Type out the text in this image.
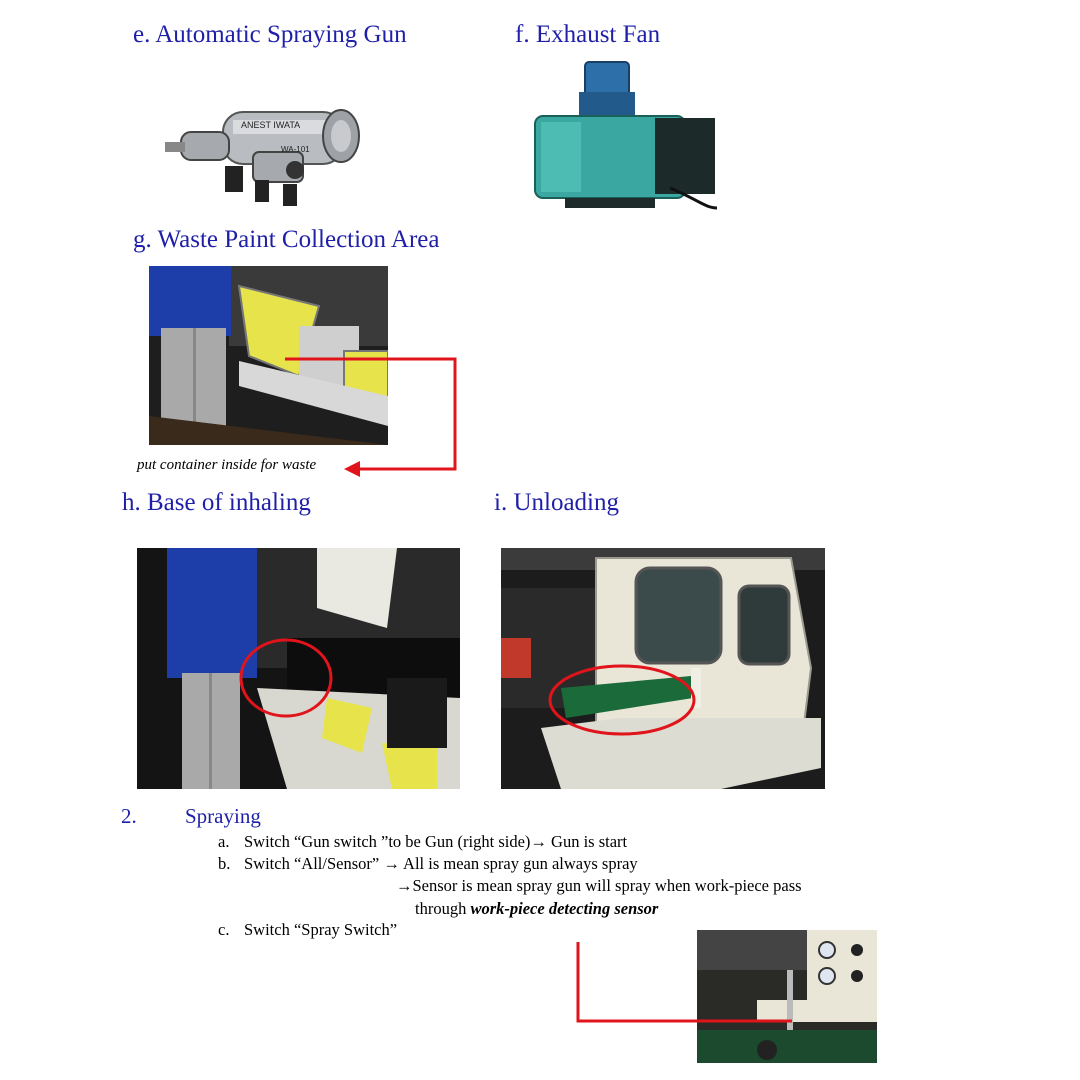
e. Automatic Spraying Gun
ANEST IWATA
WA-101
f. Exhaust Fan
g. Waste Paint Collection Area
put container inside for waste
h. Base of inhaling	i. Unloading
2. Spraying
a. Switch “Gun switch ”to be Gun (right side)→ Gun is start
b. Switch “All/Sensor” → All is mean spray gun always spray
→Sensor is mean spray gun will spray when work-piece pass
through work-piece detecting sensor
c. Switch “Spray Switch”
